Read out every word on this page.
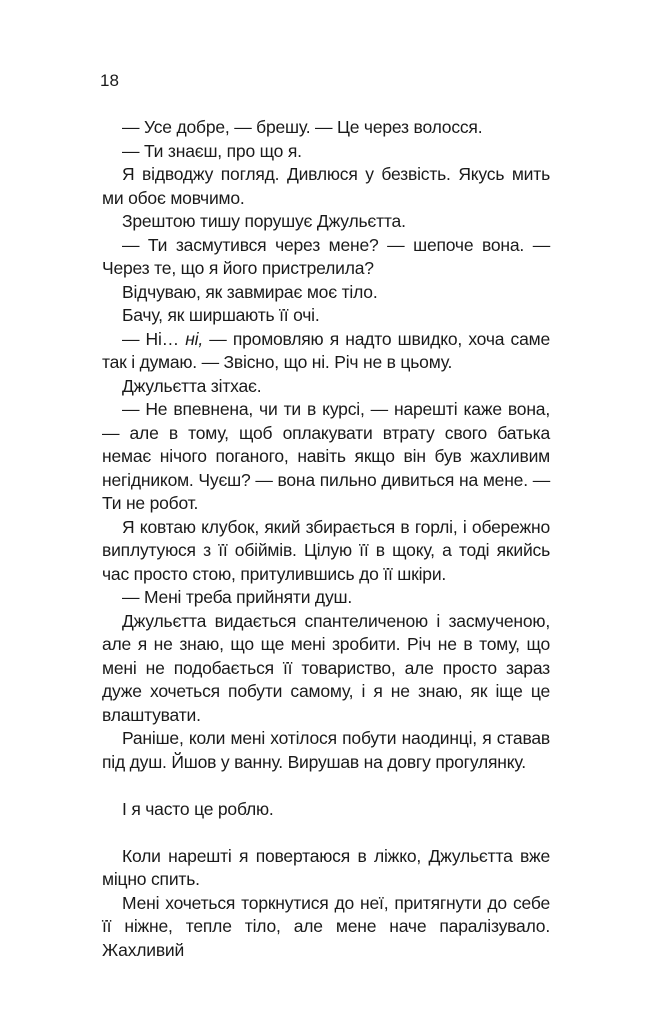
18

— Усе добре, — брешу. — Це через волосся.

— Ти знаєш, про що я.

Я відводжу погляд. Дивлюся у безвість. Якусь мить ми обоє мовчимо.

Зрештою тишу порушує Джульєтта.

— Ти засмутився через мене? — шепоче вона. — Через те, що я його пристрелила?

Відчуваю, як завмирає моє тіло.

Бачу, як ширшають її очі.

— Ні… ні, — промовляю я надто швидко, хоча саме так і думаю. — Звісно, що ні. Річ не в цьому.

Джульєтта зітхає.

— Не впевнена, чи ти в курсі, — нарешті каже вона, — але в тому, щоб оплакувати втрату свого батька немає нічого поганого, навіть якщо він був жахливим негідником. Чуєш? — вона пильно дивиться на мене. — Ти не робот.

Я ковтаю клубок, який збирається в горлі, і обережно виплутуюся з її обіймів. Цілую її в щоку, а тоді якийсь час просто стою, притулившись до її шкіри.

— Мені треба прийняти душ.

Джульєтта видається спантеличеною і засмученою, але я не знаю, що ще мені зробити. Річ не в тому, що мені не подобається її товариство, але просто зараз дуже хочеться побути самому, і я не знаю, як іще це влаштувати.

Раніше, коли мені хотілося побути наодинці, я ставав під душ. Йшов у ванну. Вирушав на довгу прогулянку.

І я часто це роблю.

Коли нарешті я повертаюся в ліжко, Джульєтта вже міцно спить.

Мені хочеться торкнутися до неї, притягнути до себе її ніжне, тепле тіло, але мене наче паралізувало. Жахливий
